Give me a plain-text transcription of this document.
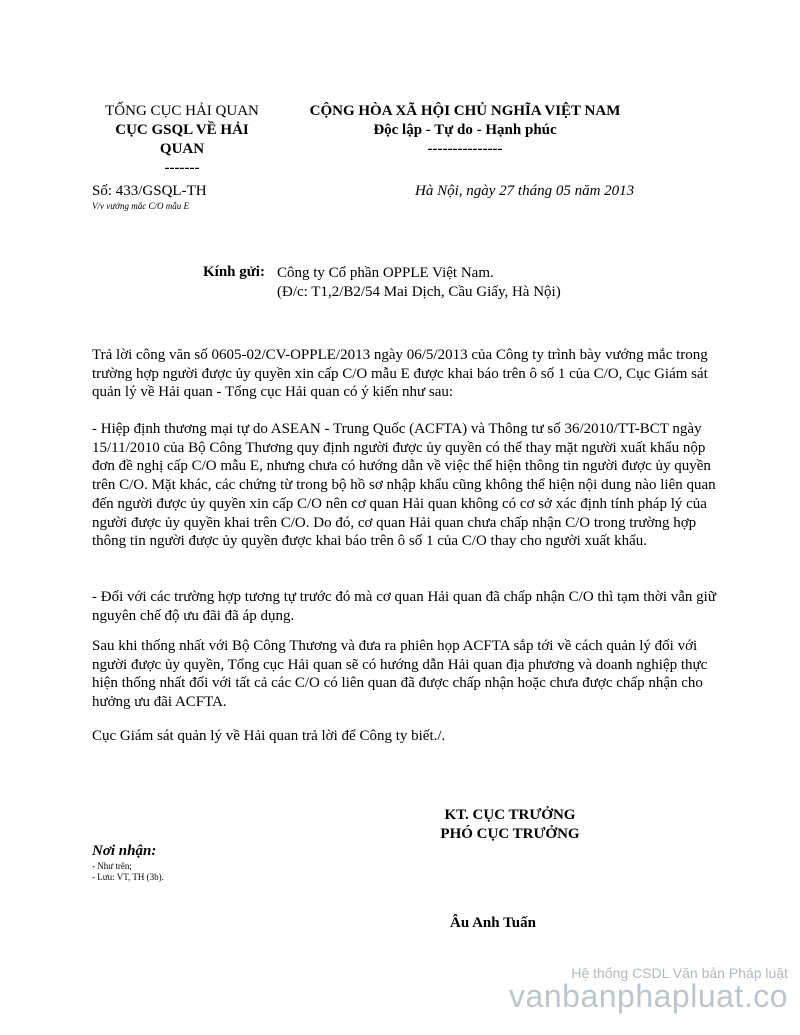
TỔNG CỤC HẢI QUAN
CỤC GSQL VỀ HẢI QUAN
-------
CỘNG HÒA XÃ HỘI CHỦ NGHĨA VIỆT NAM
Độc lập - Tự do - Hạnh phúc
---------------
Số: 433/GSQL-TH
V/v vướng mắc C/O mẫu E
Hà Nội, ngày 27 tháng 05 năm 2013
Kính gửi: Công ty Cổ phần OPPLE Việt Nam.
(Đ/c: T1,2/B2/54 Mai Dịch, Cầu Giấy, Hà Nội)
Trả lời công văn số 0605-02/CV-OPPLE/2013 ngày 06/5/2013 của Công ty trình bày vướng mắc trong trường hợp người được ủy quyền xin cấp C/O mẫu E được khai báo trên ô số 1 của C/O, Cục Giám sát quản lý về Hải quan - Tổng cục Hải quan có ý kiến như sau:
- Hiệp định thương mại tự do ASEAN - Trung Quốc (ACFTA) và Thông tư số 36/2010/TT-BCT ngày 15/11/2010 của Bộ Công Thương quy định người được ủy quyền có thể thay mặt người xuất khẩu nộp đơn đề nghị cấp C/O mẫu E, nhưng chưa có hướng dẫn về việc thể hiện thông tin người được ủy quyền trên C/O. Mặt khác, các chứng từ trong bộ hồ sơ nhập khẩu cũng không thể hiện nội dung nào liên quan đến người được ủy quyền xin cấp C/O nên cơ quan Hải quan không có cơ sở xác định tính pháp lý của người được ủy quyền khai trên C/O. Do đó, cơ quan Hải quan chưa chấp nhận C/O trong trường hợp thông tin người được ủy quyền được khai báo trên ô số 1 của C/O thay cho người xuất khẩu.
- Đối với các trường hợp tương tự trước đó mà cơ quan Hải quan đã chấp nhận C/O thì tạm thời vẫn giữ nguyên chế độ ưu đãi đã áp dụng.
Sau khi thống nhất với Bộ Công Thương và đưa ra phiên họp ACFTA sắp tới về cách quản lý đối với người được ủy quyền, Tổng cục Hải quan sẽ có hướng dẫn Hải quan địa phương và doanh nghiệp thực hiện thống nhất đối với tất cả các C/O có liên quan đã được chấp nhận hoặc chưa được chấp nhận cho hưởng ưu đãi ACFTA.
Cục Giám sát quản lý về Hải quan trả lời để Công ty biết./.
KT. CỤC TRƯỞNG
PHÓ CỤC TRƯỞNG
Âu Anh Tuấn
Nơi nhận:
- Như trên;
- Lưu: VT, TH (3b).
Hệ thống CSDL Văn bản Pháp luật
vanbanphapluat.co
